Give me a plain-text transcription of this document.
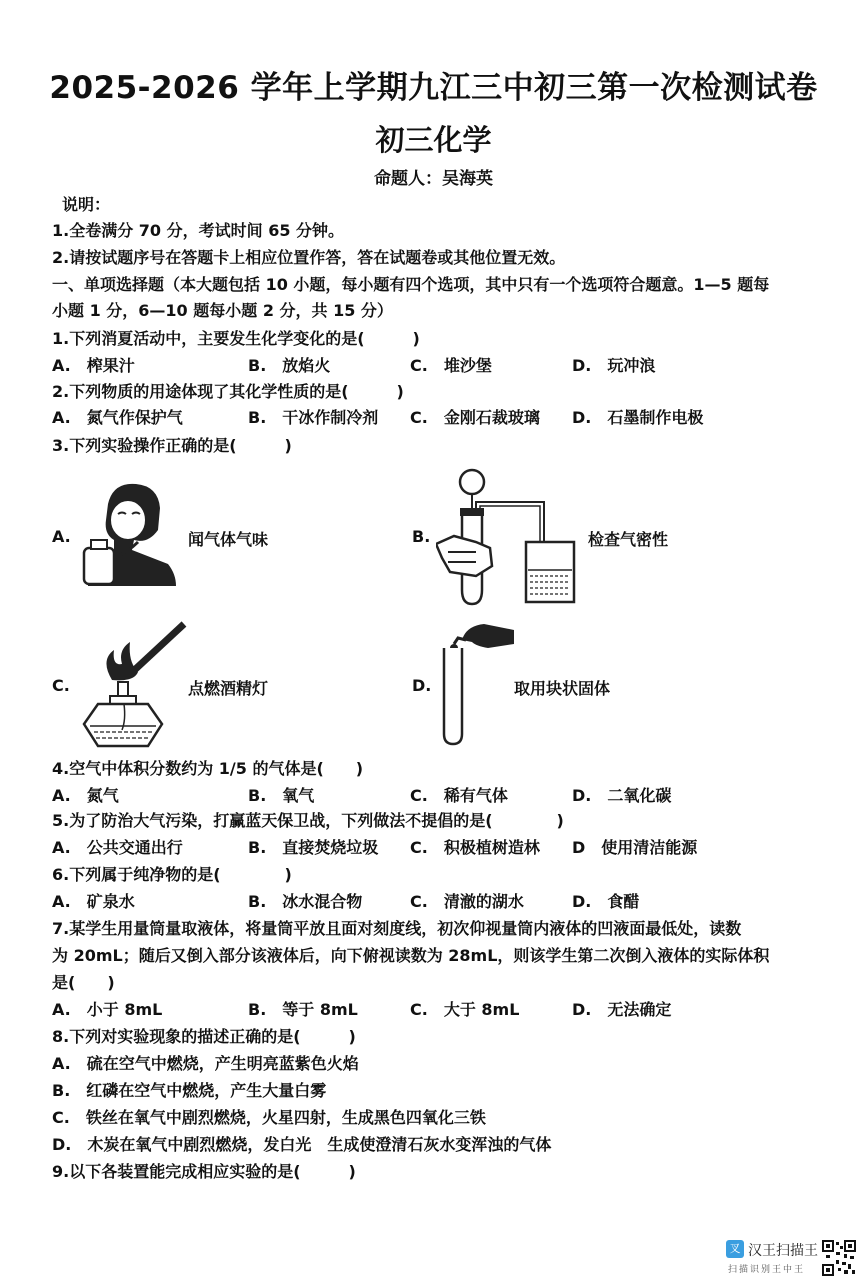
2025-2026 学年上学期九江三中初三第一次检测试卷
初三化学
命题人：吴海英
说明：
1.全卷满分 70 分，考试时间 65 分钟。
2.请按试题序号在答题卡上相应位置作答，答在试题卷或其他位置无效。
一、单项选择题（本大题包括 10 小题，每小题有四个选项，其中只有一个选项符合题意。1—5 题每
小题 1 分，6—10 题每小题 2 分，共 15 分）
1.下列消夏活动中，主要发生化学变化的是(　　　)
A.　榨果汁	B.　放焰火	C.　堆沙堡	D.　玩冲浪
2.下列物质的用途体现了其化学性质的是(　　　)
A.　氮气作保护气	B.　干冰作制冷剂 C.　金刚石裁玻璃 D.　石墨制作电极
3.下列实验操作正确的是(　　　)
A.	闻气体气味	B.	检查气密性
C.	点燃酒精灯	D.	取用块状固体
4.空气中体积分数约为 1/5 的气体是(　　)
A.　氮气	B.　氧气	C.　稀有气体	D.　二氧化碳
5.为了防治大气污染，打赢蓝天保卫战，下列做法不提倡的是(　　　　)
A.　公共交通出行	B.　直接焚烧垃圾 C.　积极植树造林 D　使用清洁能源
6.下列属于纯净物的是(　　　　)
A.　矿泉水	B.　冰水混合物	C.　清澈的湖水	D.　食醋
7.某学生用量筒量取液体，将量筒平放且面对刻度线，初次仰视量筒内液体的凹液面最低处，读数
为 20mL；随后又倒入部分该液体后，向下俯视读数为 28mL，则该学生第二次倒入液体的实际体积
是(　　)
A.　小于 8mL	B.　等于 8mL	C.　大于 8mL	D.　无法确定
8.下列对实验现象的描述正确的是(　　　)
A.　硫在空气中燃烧，产生明亮蓝紫色火焰
B.　红磷在空气中燃烧，产生大量白雾
C.　铁丝在氧气中剧烈燃烧，火星四射，生成黑色四氧化三铁
D.　木炭在氧气中剧烈燃烧，发白光　生成使澄清石灰水变浑浊的气体
9.以下各装置能完成相应实验的是(　　　)
叉 汉王扫描王
扫描识别王中王
